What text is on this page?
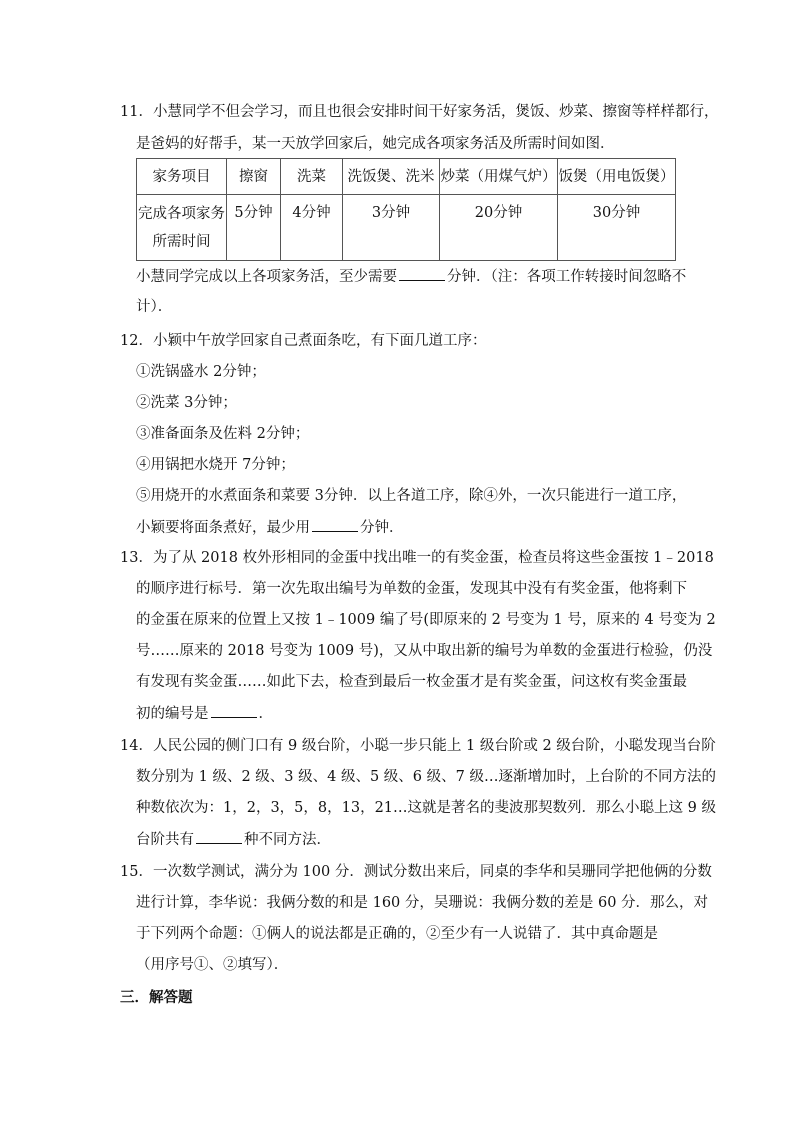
11．小慧同学不但会学习，而且也很会安排时间干好家务活，煲饭、炒菜、擦窗等样样都行，
是爸妈的好帮手，某一天放学回家后，她完成各项家务活及所需时间如图．
家务项目	擦窗	洗菜	洗饭煲、洗米	炒菜（用煤气炉）	饭煲（用电饭煲）

完成各项家务
所需时间	5分钟	4分钟	3分钟	20分钟	30分钟
小慧同学完成以上各项家务活，至少需要	分钟．（注：各项工作转接时间忽略不
计）．
12．小颖中午放学回家自己煮面条吃，有下面几道工序：
①洗锅盛水 2分钟；
②洗菜 3分钟；
③准备面条及佐料 2分钟；
④用锅把水烧开 7分钟；
⑤用烧开的水煮面条和菜要 3分钟．以上各道工序，除④外，一次只能进行一道工序，
小颖要将面条煮好，最少用	分钟．
13．为了从 2018 枚外形相同的金蛋中找出唯一的有奖金蛋，检查员将这些金蛋按 1﹣2018
的顺序进行标号．第一次先取出编号为单数的金蛋，发现其中没有有奖金蛋，他将剩下
的金蛋在原来的位置上又按 1﹣1009 编了号(即原来的 2 号变为 1 号，原来的 4 号变为 2
号……原来的 2018 号变为 1009 号)，又从中取出新的编号为单数的金蛋进行检验，仍没
有发现有奖金蛋……如此下去，检查到最后一枚金蛋才是有奖金蛋，问这枚有奖金蛋最
初的编号是	．
14．人民公园的侧门口有 9 级台阶，小聪一步只能上 1 级台阶或 2 级台阶，小聪发现当台阶
数分别为 1 级、2 级、3 级、4 级、5 级、6 级、7 级…逐渐增加时，上台阶的不同方法的
种数依次为：1，2，3，5，8，13，21…这就是著名的斐波那契数列．那么小聪上这 9 级
台阶共有	种不同方法．
15．一次数学测试，满分为 100 分．测试分数出来后，同桌的李华和吴珊同学把他俩的分数
进行计算，李华说：我俩分数的和是 160 分，吴珊说：我俩分数的差是 60 分．那么，对
于下列两个命题：①俩人的说法都是正确的，②至少有一人说错了．其中真命题是
（用序号①、②填写）．
三．解答题
